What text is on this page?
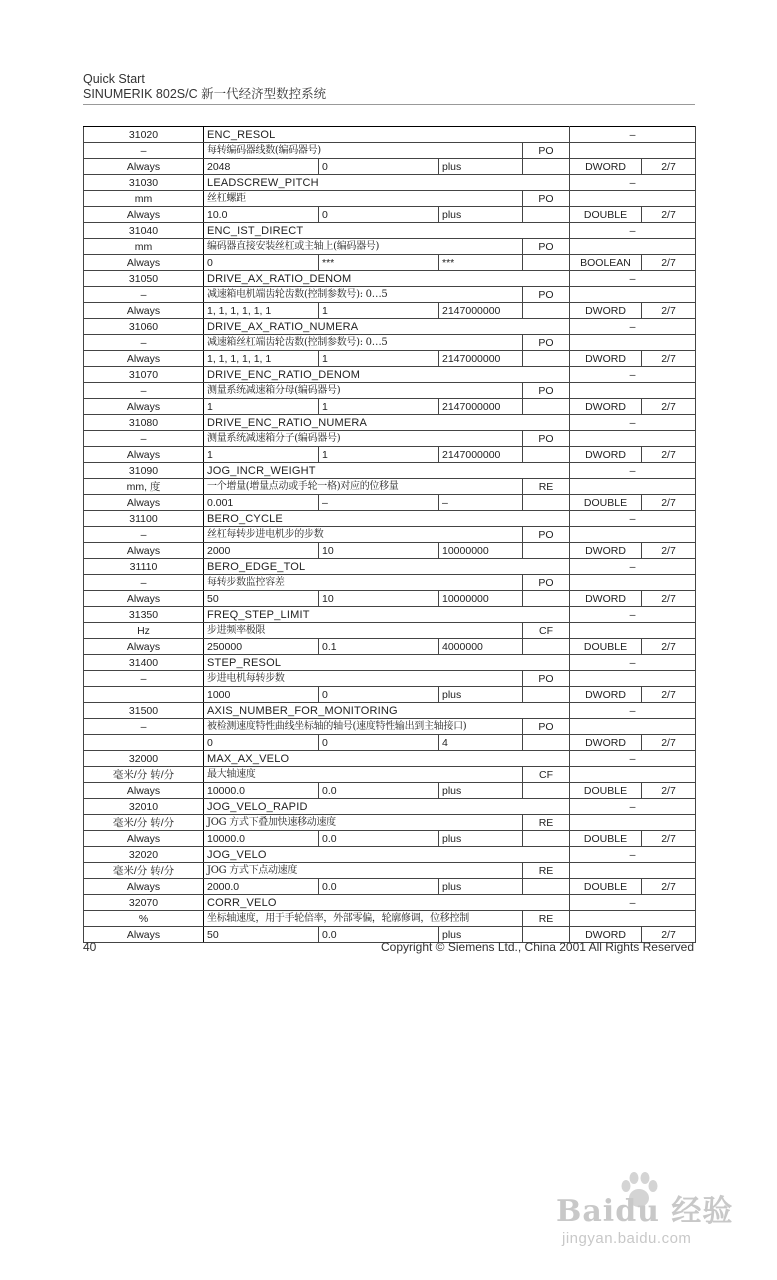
Quick Start
SINUMERIK 802S/C 新一代经济型数控系统
31020	ENC_RESOL				–	
–	每转编码器线数(编码器号)			PO		
Always	2048	0	plus		DWORD	2/7
31030	LEADSCREW_PITCH				–	
mm	丝杠螺距			PO		
Always	10.0	0	plus		DOUBLE	2/7
31040	ENC_IST_DIRECT				–	
mm	编码器直接安装丝杠或主轴上(编码器号)			PO		
Always	0	***	***		BOOLEAN	2/7
31050	DRIVE_AX_RATIO_DENOM				–	
–	减速箱电机端齿轮齿数(控制参数号): 0…5			PO		
Always	1, 1, 1, 1, 1, 1	1	2147000000		DWORD	2/7
31060	DRIVE_AX_RATIO_NUMERA				–	
–	减速箱丝杠端齿轮齿数(控制参数号): 0…5			PO		
Always	1, 1, 1, 1, 1, 1	1	2147000000		DWORD	2/7
31070	DRIVE_ENC_RATIO_DENOM				–	
–	测量系统减速箱分母(编码器号)			PO		
Always	1	1	2147000000		DWORD	2/7
31080	DRIVE_ENC_RATIO_NUMERA				–	
–	测量系统减速箱分子(编码器号)			PO		
Always	1	1	2147000000		DWORD	2/7
31090	JOG_INCR_WEIGHT				–	
mm, 度	一个增量(增量点动或手轮一格)对应的位移量			RE		
Always	0.001	–	–		DOUBLE	2/7
31100	BERO_CYCLE				–	
–	丝杠每转步进电机步的步数			PO		
Always	2000	10	10000000		DWORD	2/7
31110	BERO_EDGE_TOL				–	
–	每转步数监控容差			PO		
Always	50	10	10000000		DWORD	2/7
31350	FREQ_STEP_LIMIT				–	
Hz	步进频率极限			CF		
Always	250000	0.1	4000000		DOUBLE	2/7
31400	STEP_RESOL				–	
–	步进电机每转步数			PO		
	1000	0	plus		DWORD	2/7
31500	AXIS_NUMBER_FOR_MONITORING				–	
–	被检测速度特性曲线坐标轴的轴号(速度特性输出到主轴接口)			PO		
	0	0	4		DWORD	2/7
32000	MAX_AX_VELO				–	
毫米/分 转/分	最大轴速度			CF		
Always	10000.0	0.0	plus		DOUBLE	2/7
32010	JOG_VELO_RAPID				–	
毫米/分 转/分	JOG 方式下叠加快速移动速度			RE		
Always	10000.0	0.0	plus		DOUBLE	2/7
32020	JOG_VELO				–	
毫米/分 转/分	JOG 方式下点动速度			RE		
Always	2000.0	0.0	plus		DOUBLE	2/7
32070	CORR_VELO				–	
%	坐标轴速度，用于手轮倍率，外部零偏，轮廓修调，位移控制			RE		
Always	50	0.0	plus		DWORD	2/7
40	Copyright © Siemens Ltd., China 2001 All Rights Reserved
Baidu 经验
jingyan.baidu.com
